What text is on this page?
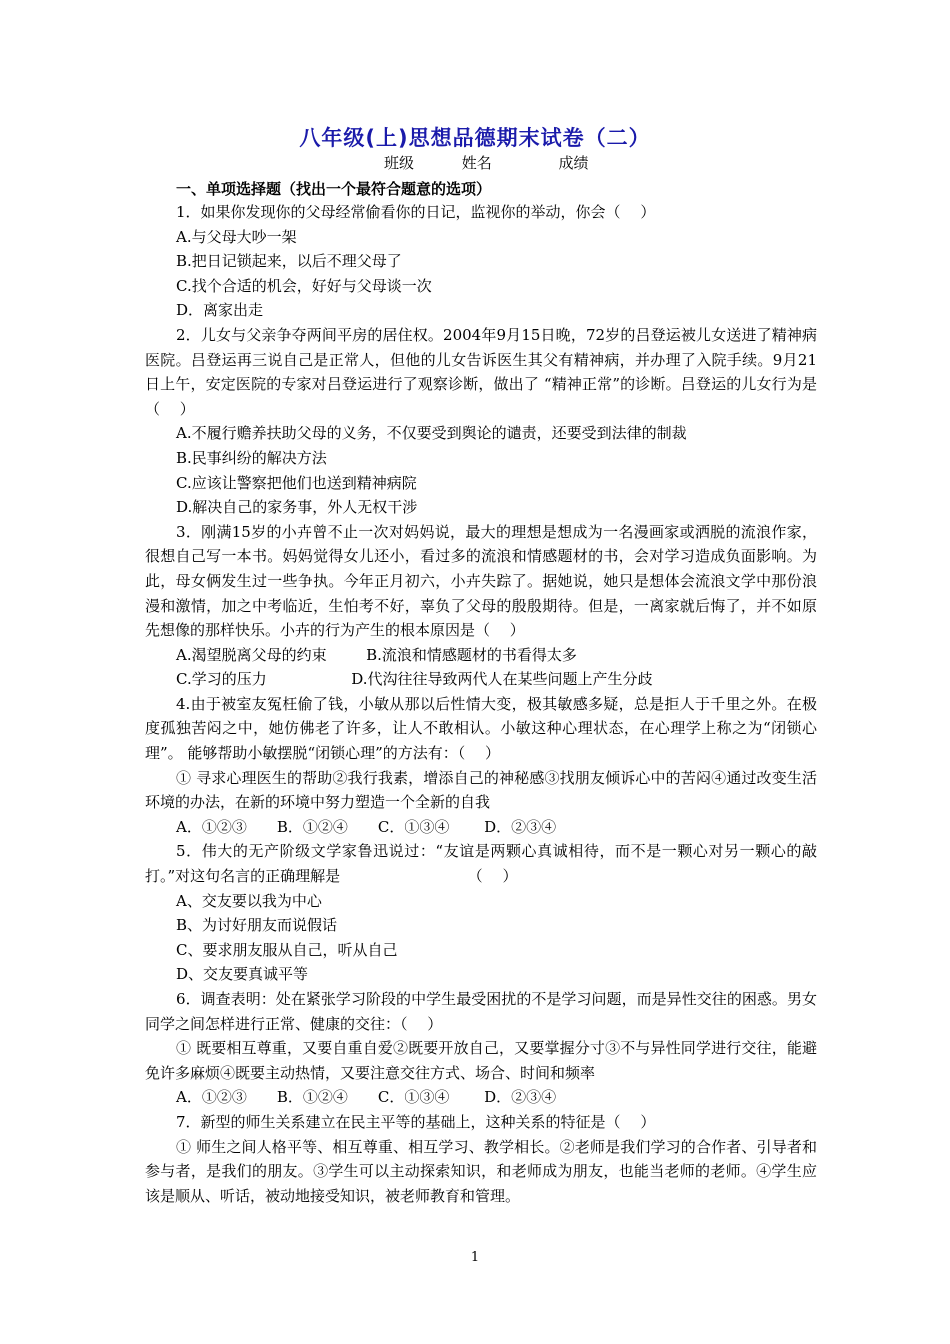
八年级(上)思想品德期末试卷（二）
班级	姓名	成绩
一、单项选择题（找出一个最符合题意的选项）

1．如果你发现你的父母经常偷看你的日记，监视你的举动，你会（　 ）

A.与父母大吵一架

B.把日记锁起来，以后不理父母了

C.找个合适的机会，好好与父母谈一次

D．离家出走

2．儿女与父亲争夺两间平房的居住权。2004年9月15日晚，72岁的吕登运被儿女送进了精神病医院。吕登运再三说自己是正常人，但他的儿女告诉医生其父有精神病，并办理了入院手续。9月21日上午，安定医院的专家对吕登运进行了观察诊断，做出了 “精神正常”的诊断。吕登运的儿女行为是（　 ）

A.不履行赡养扶助父母的义务，不仅要受到舆论的谴责，还要受到法律的制裁

B.民事纠纷的解决方法

C.应该让警察把他们也送到精神病院

D.解决自己的家务事，外人无权干涉

3．刚满15岁的小卉曾不止一次对妈妈说，最大的理想是想成为一名漫画家或洒脱的流浪作家，很想自己写一本书。妈妈觉得女儿还小，看过多的流浪和情感题材的书，会对学习造成负面影响。为此，母女俩发生过一些争执。今年正月初六，小卉失踪了。据她说，她只是想体会流浪文学中那份浪漫和激情，加之中考临近，生怕考不好，辜负了父母的殷殷期待。但是，一离家就后悔了，并不如原先想像的那样快乐。小卉的行为产生的根本原因是（　 ）

A.渴望脱离父母的约束　　  B.流浪和情感题材的书看得太多

C.学习的压力　　　　　  D.代沟往往导致两代人在某些问题上产生分歧

4.由于被室友冤枉偷了钱，小敏从那以后性情大变，极其敏感多疑，总是拒人于千里之外。在极度孤独苦闷之中，她仿佛老了许多，让人不敢相认。小敏这种心理状态，在心理学上称之为“闭锁心理”。 能够帮助小敏摆脱“闭锁心理”的方法有：（　 ）

① 寻求心理医生的帮助②我行我素，增添自己的神秘感③找朋友倾诉心中的苦闷④通过改变生活环境的办法，在新的环境中努力塑造一个全新的自我

A．①②③　　B．①②④　　C．①③④　　 D．②③④

5．伟大的无产阶级文学家鲁迅说过：“友谊是两颗心真诚相待，而不是一颗心对另一颗心的敲打。”对这句名言的正确理解是　　　　　　　　　（　 ）

A、交友要以我为中心

B、为讨好朋友而说假话

C、要求朋友服从自己，听从自己

D、交友要真诚平等

6．调查表明：处在紧张学习阶段的中学生最受困扰的不是学习问题，而是异性交往的困惑。男女同学之间怎样进行正常、健康的交往：（　 ）

① 既要相互尊重，又要自重自爱②既要开放自己，又要掌握分寸③不与异性同学进行交往，能避免许多麻烦④既要主动热情，又要注意交往方式、场合、时间和频率

A．①②③　　B．①②④　　C．①③④　　 D．②③④

7．新型的师生关系建立在民主平等的基础上，这种关系的特征是（　 ）

① 师生之间人格平等、相互尊重、相互学习、教学相长。②老师是我们学习的合作者、引导者和参与者，是我们的朋友。③学生可以主动探索知识，和老师成为朋友，也能当老师的老师。④学生应该是顺从、听话，被动地接受知识，被老师教育和管理。

1
